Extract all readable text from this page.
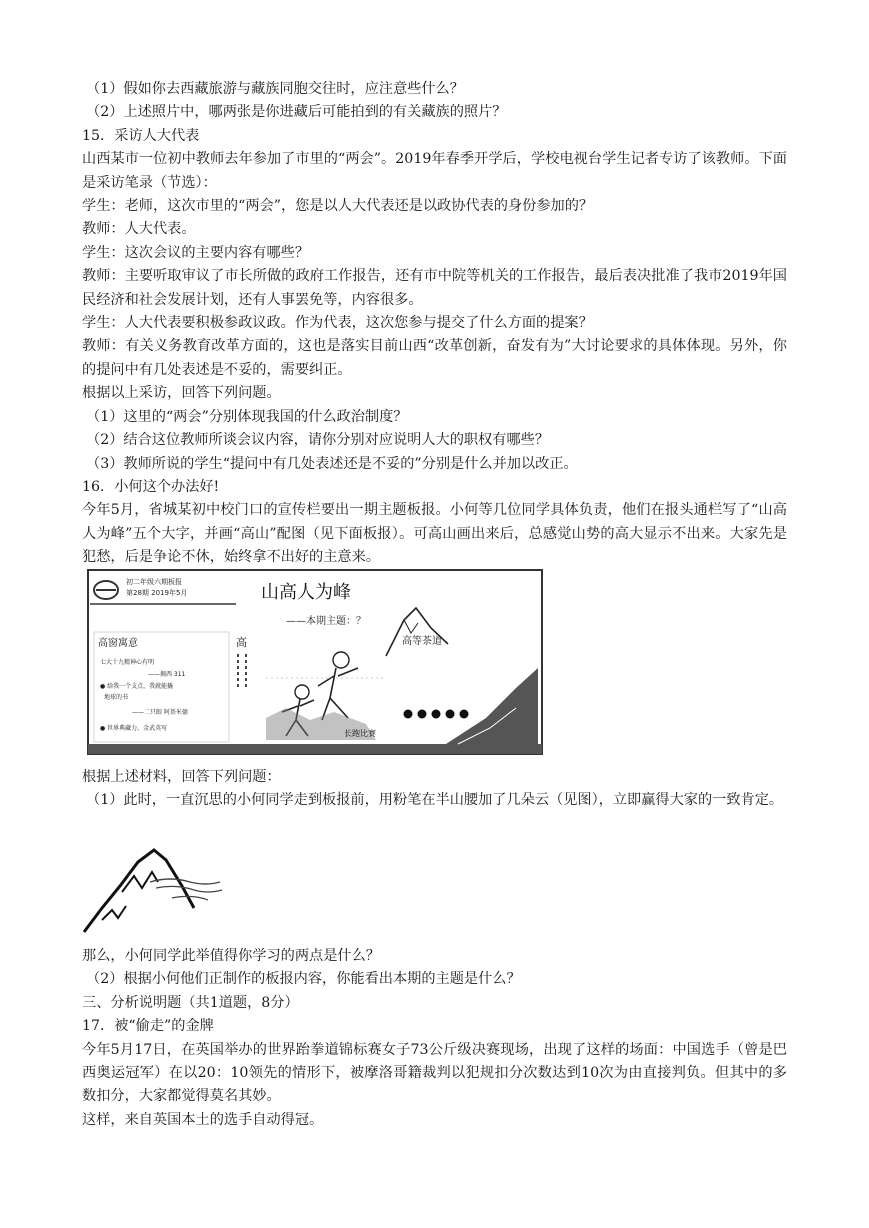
（1）假如你去西藏旅游与藏族同胞交往时，应注意些什么？

（2）上述照片中，哪两张是你进藏后可能拍到的有关藏族的照片？

15．采访人大代表

山西某市一位初中教师去年参加了市里的“两会”。2019年春季开学后，学校电视台学生记者专访了该教师。下面是采访笔录（节选）：

学生：老师，这次市里的“两会”，您是以人大代表还是以政协代表的身份参加的？

教师：人大代表。

学生：这次会议的主要内容有哪些？

教师：主要听取审议了市长所做的政府工作报告，还有市中院等机关的工作报告，最后表决批准了我市2019年国民经济和社会发展计划，还有人事罢免等，内容很多。

学生：人大代表要积极参政议政。作为代表，这次您参与提交了什么方面的提案？

教师：有关义务教育改革方面的，这也是落实目前山西“改革创新，奋发有为”大讨论要求的具体体现。另外，你的提问中有几处表述是不妥的，需要纠正。

根据以上采访，回答下列问题。

（1）这里的“两会”分别体现我国的什么政治制度？

（2）结合这位教师所谈会议内容，请你分别对应说明人大的职权有哪些？

（3）教师所说的学生“提问中有几处表述还是不妥的”分别是什么并加以改正。

16．小何这个办法好!

今年5月，省城某初中校门口的宣传栏要出一期主题板报。小何等几位同学具体负责，他们在报头通栏写了“山高人为峰”五个大字，并画“高山”配图（见下面板报）。可高山画出来后，总感觉山势的高大显示不出来。大家先是犯愁，后是争论不休，始终拿不出好的主意来。

初二年级六期板报
第28期 2019年5月	山高人为峰
——本期主题：？
高窗寓意
七大十九精神心有明
——揭西 311
● 给我一个支点，我就能撬
地球的书
——二只眼 阿基米德
● 世界典藏力，金武英写
高
长跑比赛
高等茶道

根据上述材料，回答下列问题：

（1）此时，一直沉思的小何同学走到板报前，用粉笔在半山腰加了几朵云（见图），立即赢得大家的一致肯定。

那么，小何同学此举值得你学习的两点是什么？

（2）根据小何他们正制作的板报内容，你能看出本期的主题是什么？

三、分析说明题（共1道题，8分）

17．被“偷走”的金牌

今年5月17日，在英国举办的世界跆拳道锦标赛女子73公斤级决赛现场，出现了这样的场面：中国选手（曾是巴西奥运冠军）在以20：10领先的情形下，被摩洛哥籍裁判以犯规扣分次数达到10次为由直接判负。但其中的多数扣分，大家都觉得莫名其妙。

这样，来自英国本土的选手自动得冠。
